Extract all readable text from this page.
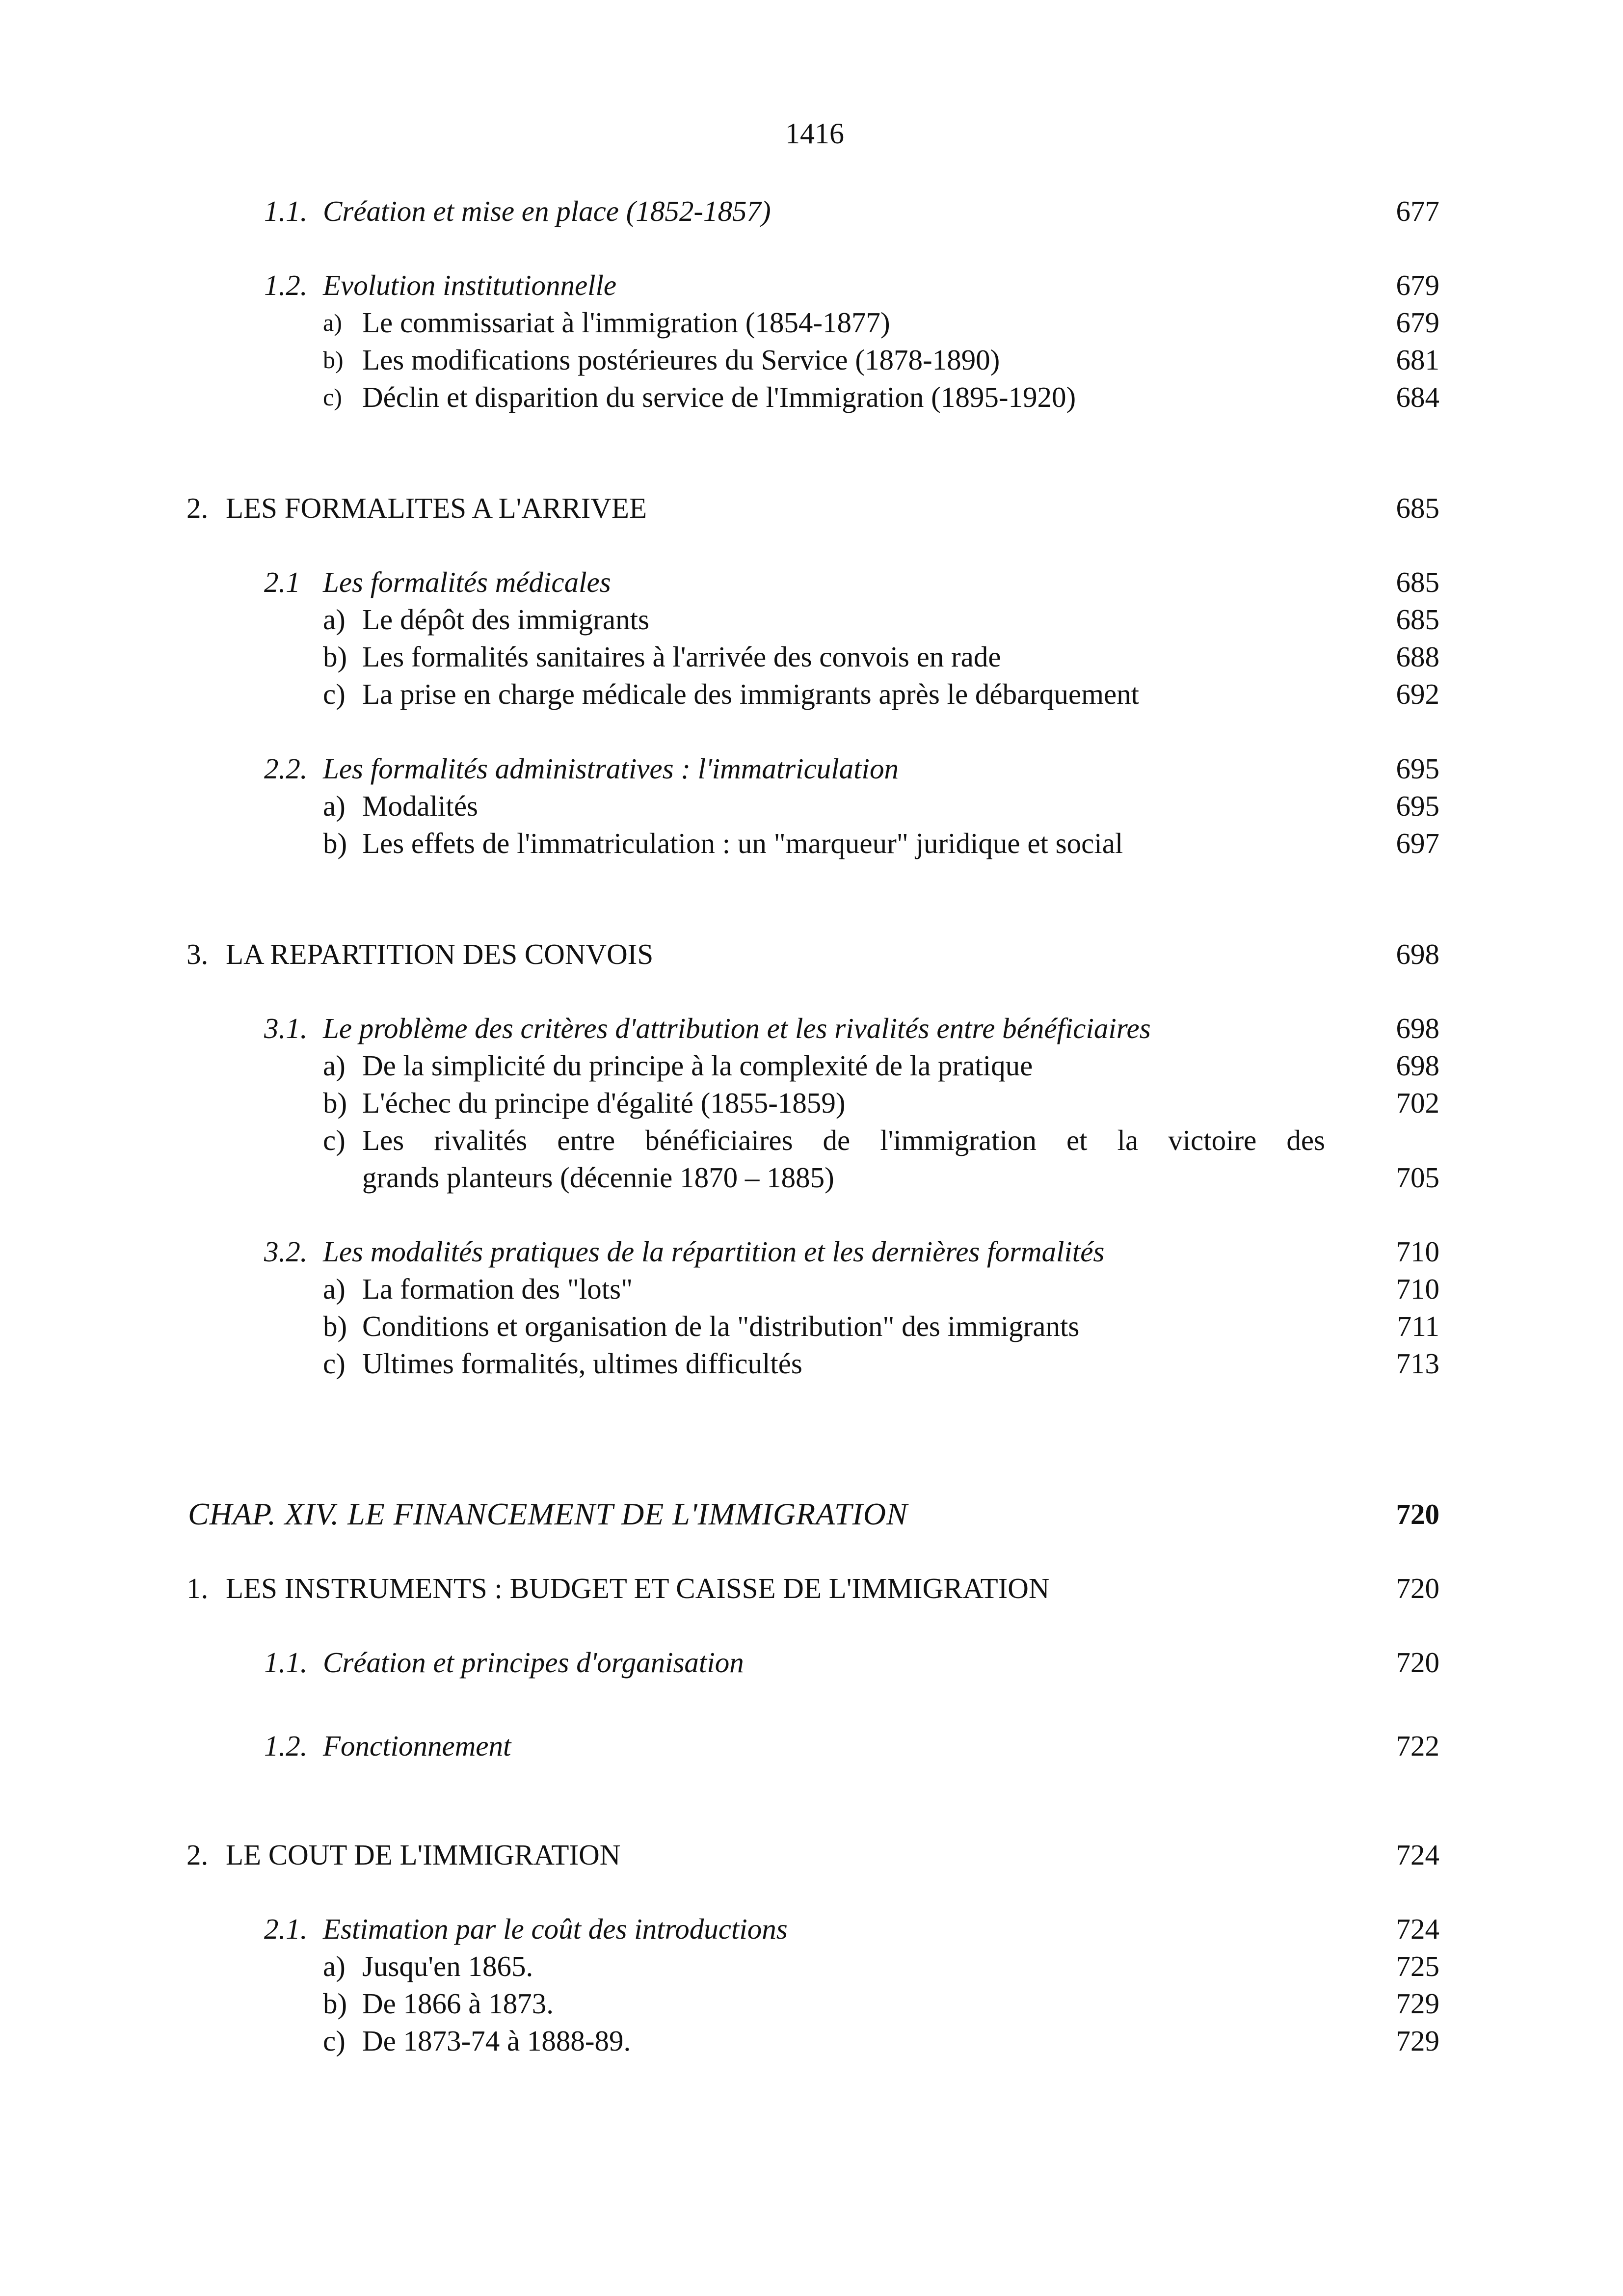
1416
1.1. Création et mise en place (1852-1857)	677
1.2. Evolution institutionnelle	679
a) Le commissariat à l'immigration (1854-1877)	679
b) Les modifications postérieures du Service (1878-1890)	681
c) Déclin et disparition du service de l'Immigration (1895-1920)	684
2. LES FORMALITES A L'ARRIVEE	685
2.1 Les formalités médicales	685
a) Le dépôt des immigrants	685
b) Les formalités sanitaires à l'arrivée des convois en rade	688
c) La prise en charge médicale des immigrants après le débarquement	692
2.2. Les formalités administratives : l'immatriculation	695
a) Modalités	695
b) Les effets de l'immatriculation : un "marqueur" juridique et social	697
3. LA REPARTITION DES CONVOIS	698
3.1. Le problème des critères d'attribution et les rivalités entre bénéficiaires	698
a) De la simplicité du principe à la complexité de la pratique	698
b) L'échec du principe d'égalité (1855-1859)	702
c) Les rivalités entre bénéficiaires de l'immigration et la victoire des
grands planteurs (décennie 1870 – 1885)	705
3.2. Les modalités pratiques de la répartition et les dernières formalités	710
a) La formation des "lots"	710
b) Conditions et organisation de la "distribution" des immigrants	711
c) Ultimes formalités, ultimes difficultés	713
CHAP. XIV. LE FINANCEMENT DE L'IMMIGRATION	720
1. LES INSTRUMENTS : BUDGET ET CAISSE DE L'IMMIGRATION	720
1.1. Création et principes d'organisation	720
1.2. Fonctionnement	722
2. LE COUT DE L'IMMIGRATION	724
2.1. Estimation par le coût des introductions	724
a) Jusqu'en 1865.	725
b) De 1866 à 1873.	729
c) De 1873-74 à 1888-89.	729
